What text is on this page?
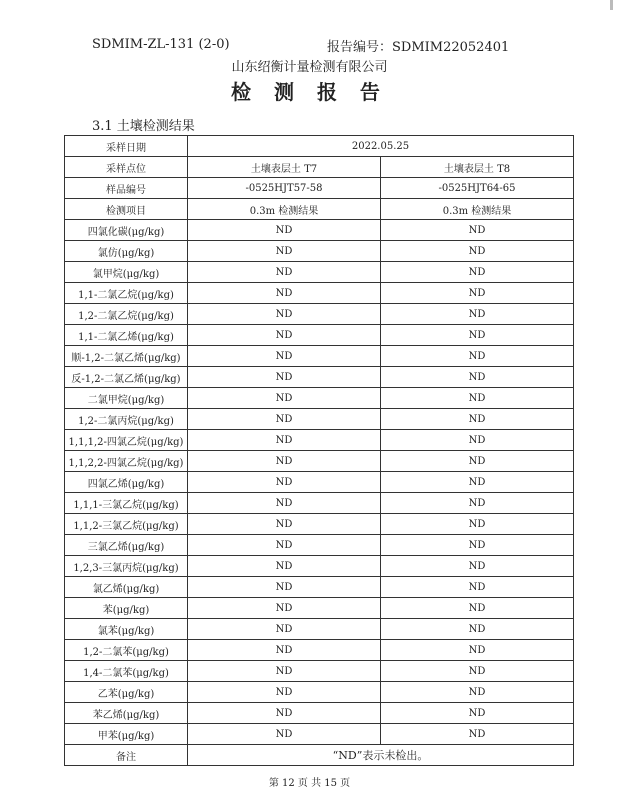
SDMIM-ZL-131 (2-0)	报告编号：SDMIM22052401
山东绍衡计量检测有限公司
检 测 报 告
3.1 土壤检测结果
采样日期	2022.05.25	
采样点位	土壤表层土 T7	土壤表层土 T8
样品编号	-0525HJT57-58	-0525HJT64-65
检测项目	0.3m 检测结果	0.3m 检测结果
四氯化碳(μg/kg)	ND	ND
氯仿(μg/kg)	ND	ND
氯甲烷(μg/kg)	ND	ND
1,1-二氯乙烷(μg/kg)	ND	ND
1,2-二氯乙烷(μg/kg)	ND	ND
1,1-二氯乙烯(μg/kg)	ND	ND
顺-1,2-二氯乙烯(μg/kg)	ND	ND
反-1,2-二氯乙烯(μg/kg)	ND	ND
二氯甲烷(μg/kg)	ND	ND
1,2-二氯丙烷(μg/kg)	ND	ND
1,1,1,2-四氯乙烷(μg/kg)	ND	ND
1,1,2,2-四氯乙烷(μg/kg)	ND	ND
四氯乙烯(μg/kg)	ND	ND
1,1,1-三氯乙烷(μg/kg)	ND	ND
1,1,2-三氯乙烷(μg/kg)	ND	ND
三氯乙烯(μg/kg)	ND	ND
1,2,3-三氯丙烷(μg/kg)	ND	ND
氯乙烯(μg/kg)	ND	ND
苯(μg/kg)	ND	ND
氯苯(μg/kg)	ND	ND
1,2-二氯苯(μg/kg)	ND	ND
1,4-二氯苯(μg/kg)	ND	ND
乙苯(μg/kg)	ND	ND
苯乙烯(μg/kg)	ND	ND
甲苯(μg/kg)	ND	ND
备注	“ND”表示未检出。	
第 12 页 共 15 页
